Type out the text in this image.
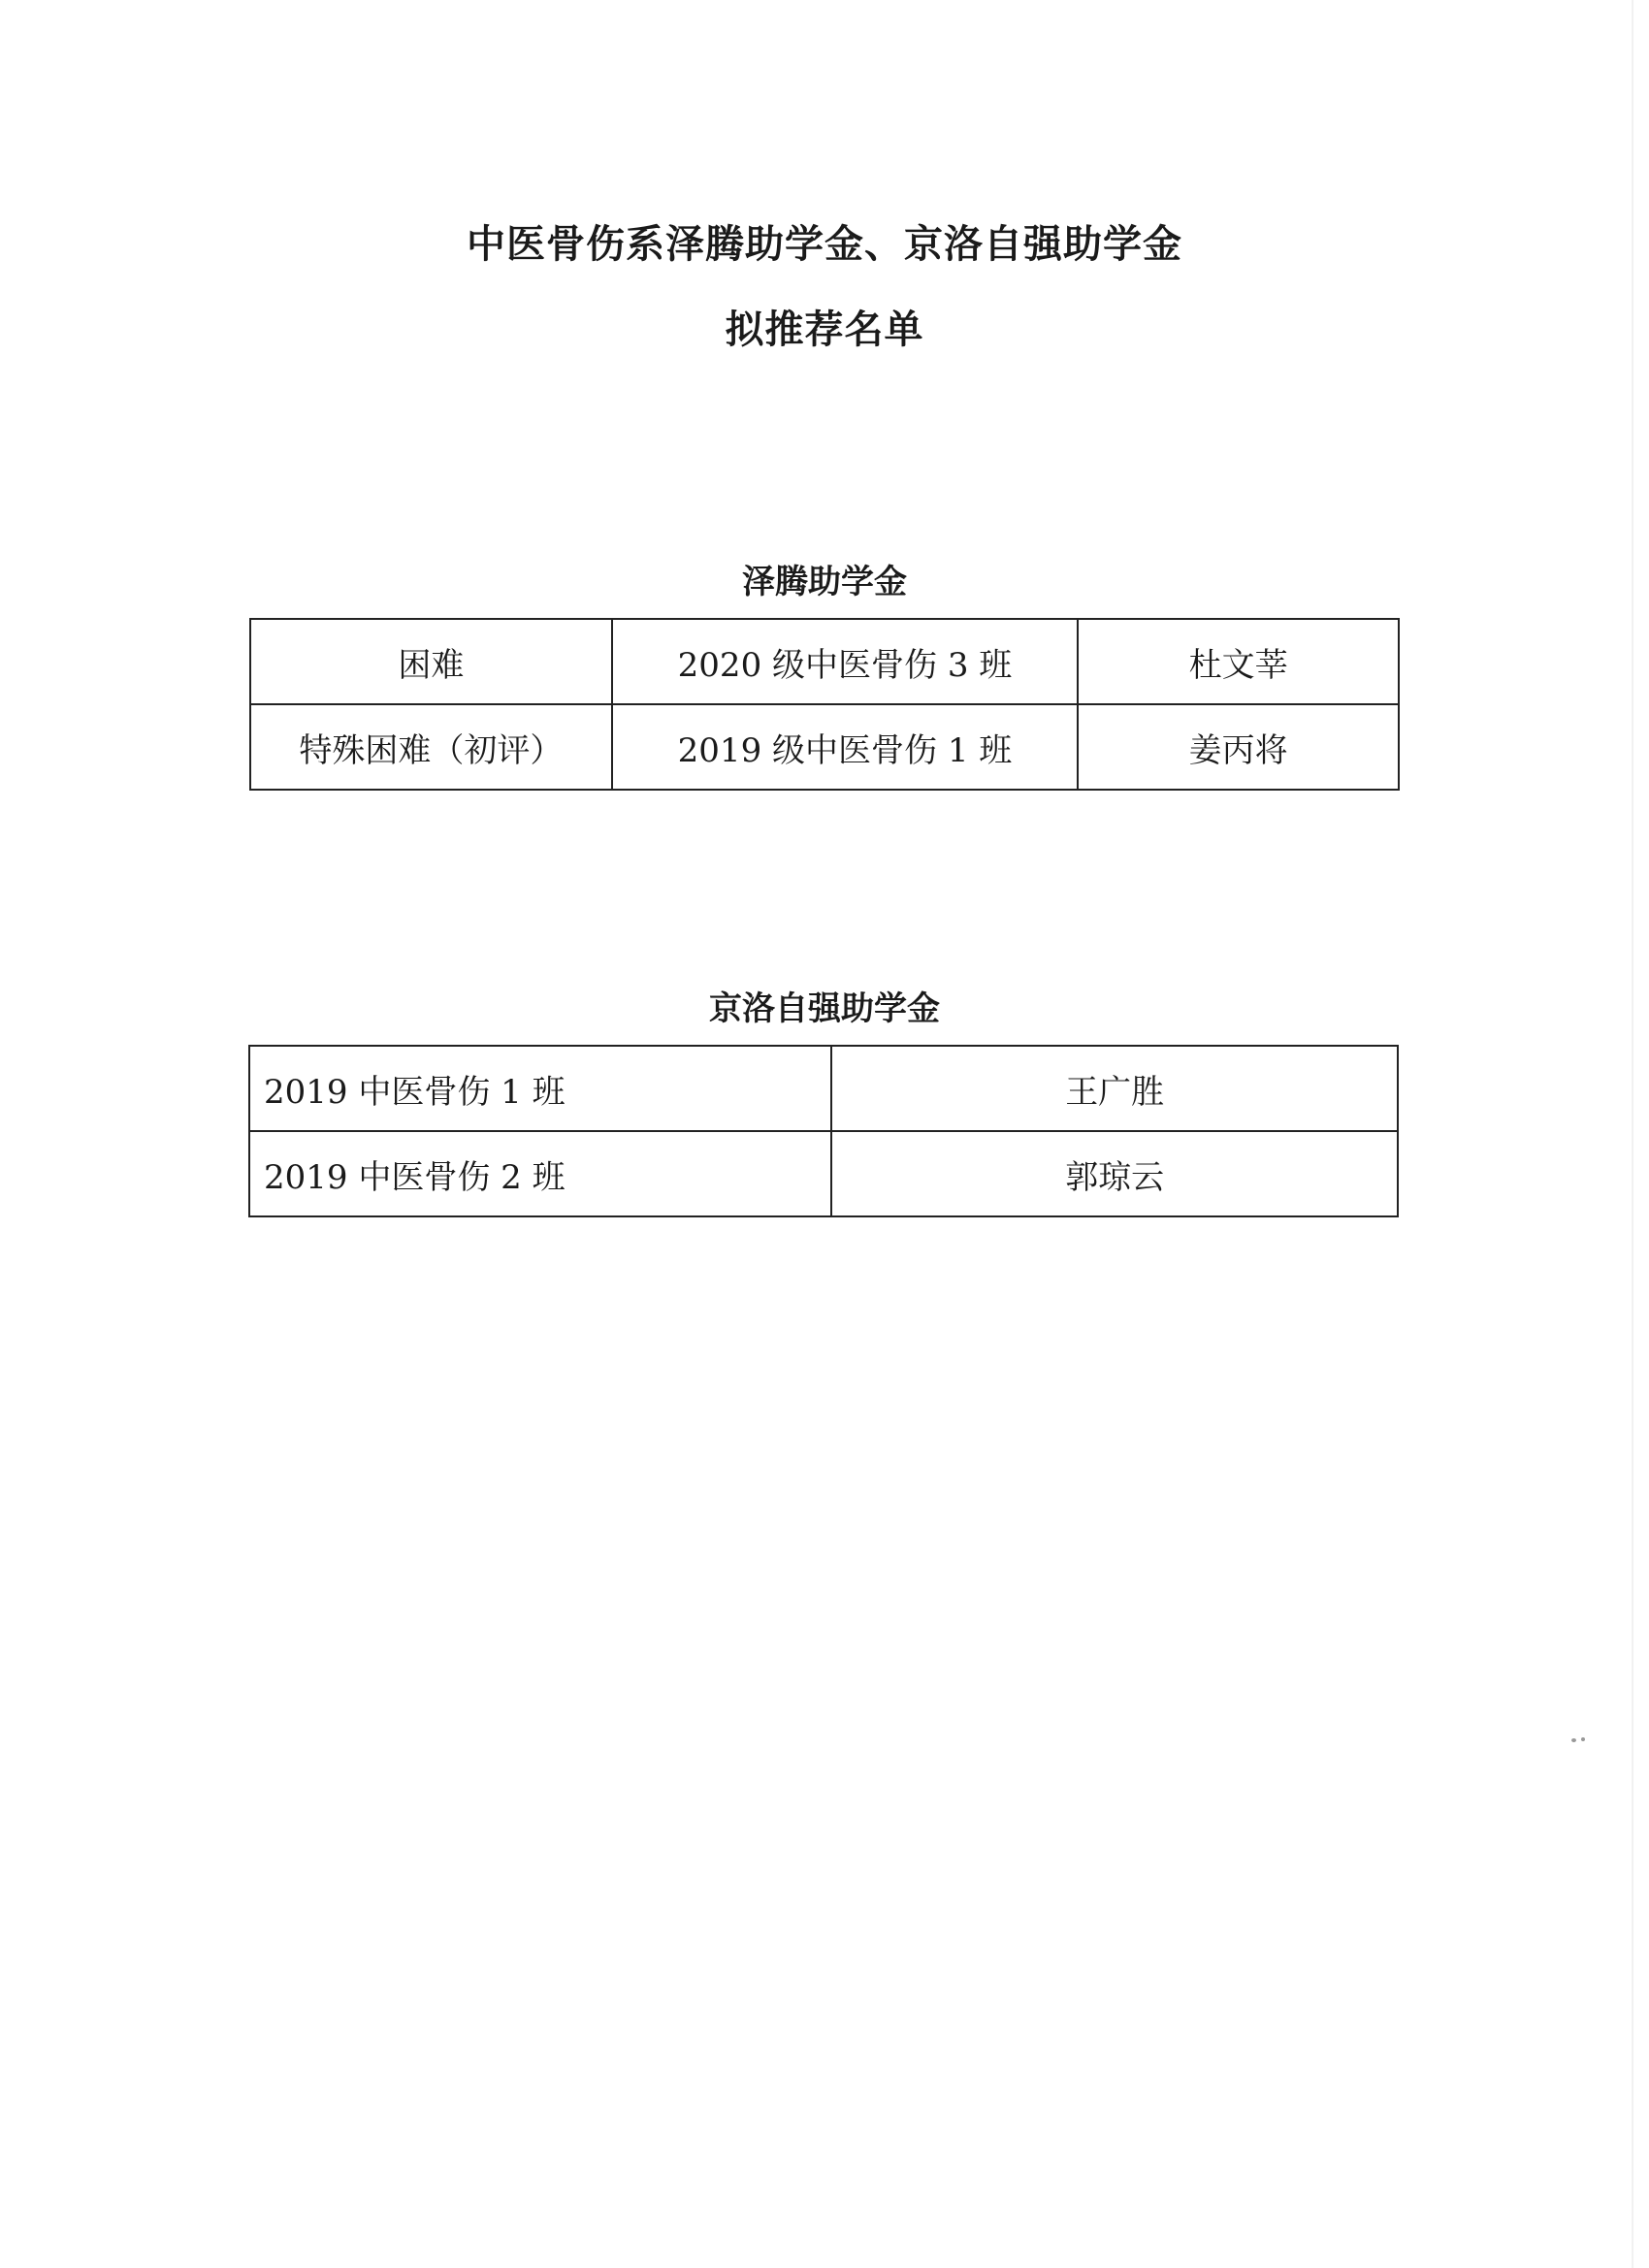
中医骨伤系泽腾助学金、京洛自强助学金
拟推荐名单
泽腾助学金
困难	2020 级中医骨伤 3 班	杜文莘
特殊困难（初评）	2019 级中医骨伤 1 班	姜丙将
京洛自强助学金
2019 中医骨伤 1 班	王广胜
2019 中医骨伤 2 班	郭琼云
